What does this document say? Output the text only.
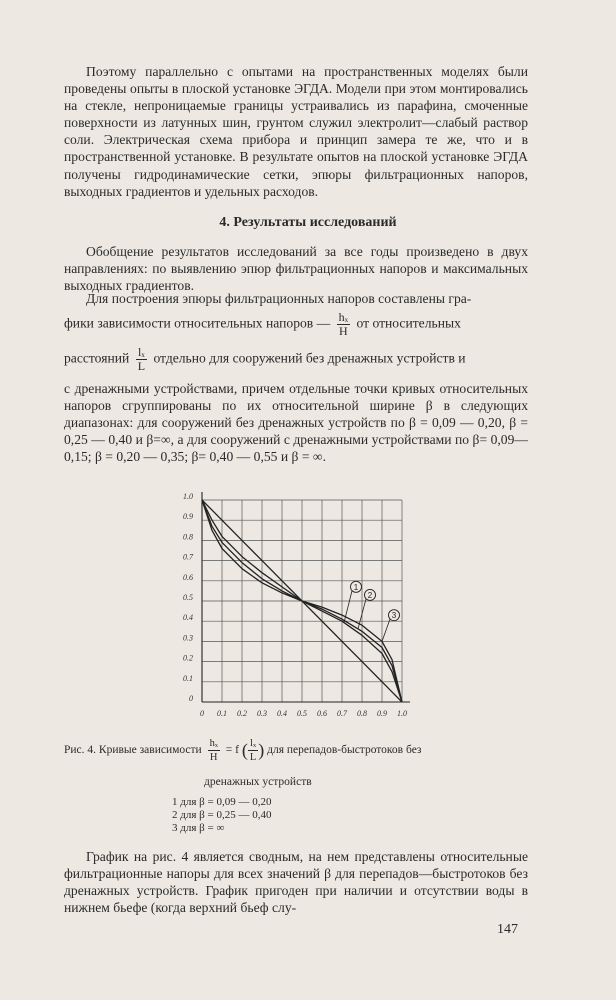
Поэтому параллельно с опытами на пространственных моделях были проведены опыты в плоской установке ЭГДА. Модели при этом монтировались на стекле, непроницаемые границы устраивались из парафина, смоченные поверхности из латунных шин, грунтом служил электролит—слабый раствор соли. Электрическая схема прибора и принцип замера те же, что и в пространственной установке. В результате опытов на плоской установке ЭГДА получены гидродинамические сетки, эпюры фильтрационных напоров, выходных градиентов и удельных расходов.

4. Результаты исследований

Обобщение результатов исследований за все годы произведено в двух направлениях: по выявлению эпюр фильтрационных напоров и максимальных выходных градиентов.

Для построения эпюры фильтрационных напоров составлены гра-
фики зависимости относительных напоров — $\frac{\text{hₓ}}{H}$ от относительных
расстояний $\frac{\text{lₓ}}{L}$ отдельно для сооружений без дренажных устройств и

с дренажными устройствами, причем отдельные точки кривых относительных напоров сгруппированы по их относительной ширине β в следующих диапазонах: для сооружений без дренажных устройств по β = 0,09 — 0,20, β = 0,25 — 0,40 и β=∞, а для сооружений с дренажными устройствами по β= 0,09—0,15; β = 0,20 — 0,35; β= 0,40 — 0,55 и β = ∞.

0 0.1 0.2 0.3 0.4 0.5 0.6 0.7 0.8 0.9 1.0
0
0.1
0.2
0.3
0.4
0.5
0.6
0.7
0.8
0.9
1.0
1
2
3
Рис. 4. Кривые зависимости $\frac{\text{hₓ}}{H} = f$ ( $\frac{\text{lₓ}}{L}$ ) для перепадов-быстротоков без
дренажных устройств
1 для β = 0,09 — 0,20
2 для β = 0,25 — 0,40
3 для β = ∞

График на рис. 4 является сводным, на нем представлены относительные фильтрационные напоры для всех значений β для перепадов—быстротоков без дренажных устройств. График пригоден при наличии и отсутствии воды в нижнем бьефе (когда верхний бьеф слу-

147
